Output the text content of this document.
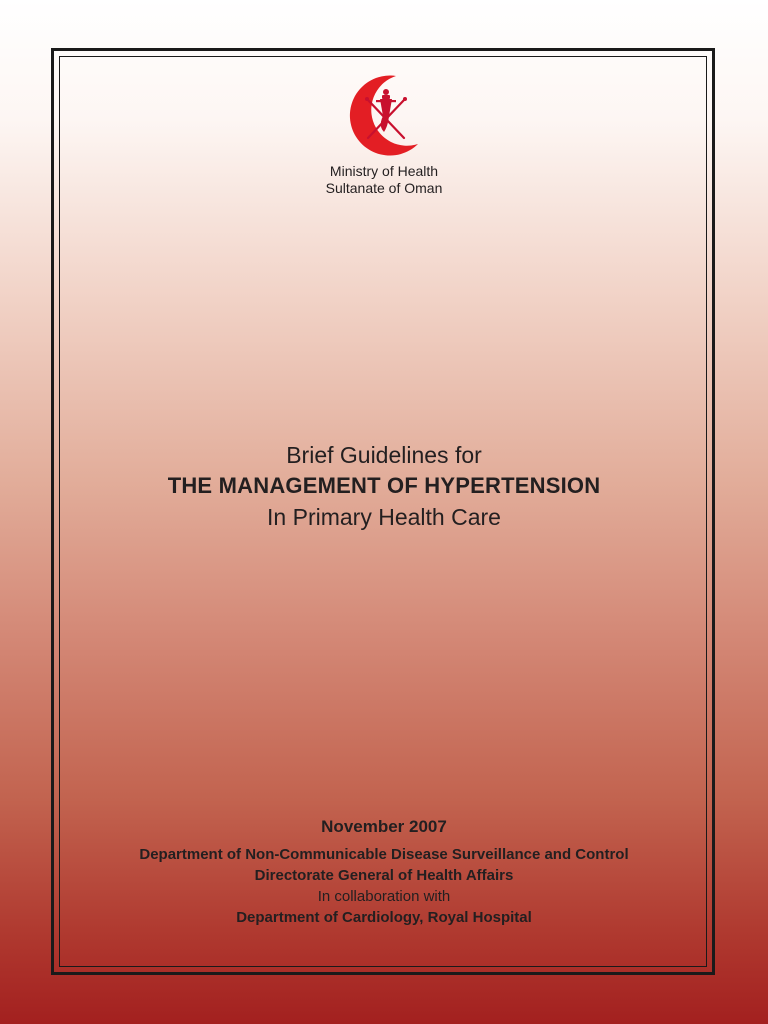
Ministry of Health
Sultanate of Oman
Brief Guidelines for
THE MANAGEMENT OF HYPERTENSION
In Primary Health Care
November 2007
Department of Non-Communicable Disease Surveillance and Control
Directorate General of Health Affairs
In collaboration with
Department of Cardiology, Royal Hospital
